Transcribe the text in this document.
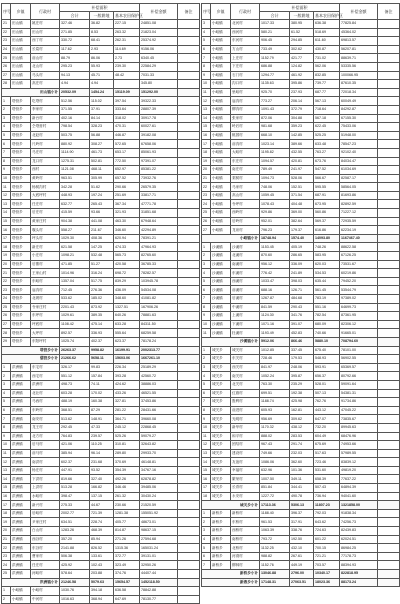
序号	乡镇	行政村	补偿面积			补偿金额	备注
			合计	一般耕地	基本农田保护区		
21	田山镇	姚庄村	327.46	36.82	227.15	24851.08	
22	田山镇	田山村	271.85	8.53	263.32	21823.04	
23	田山镇	西丁村	330.72	68.41	262.31	25374.92	
24	田山镇	长葛村	117.62	2.93	114.69	9156.06	
25	田山镇	前山村	88.79	86.06	2.73	6340.45	
26	田山镇	北山村	295.23	55.93	239.30	22584.29	
27	田山镇	马头村	94.13	45.71	48.42	7031.33	
28	田山镇	高庄村	4.94	4.94		345.80	
田山镇小计			20532.09	1454.24	15119.09	151292.00	
1	塔营乡	圪塔村	512.56	115.02	397.54	39322.33	
2	塔营乡	李家村	371.55	37.91	333.64	28807.39	
3	塔营乡	新台村	402.16	84.14	318.02	30917.78	
4	塔营乡	仝塔营村	798.54	328.23	470.31	60027.61	
5	塔营乡	北赵村	503.75	56.88	446.87	39182.08	
6	塔营乡	尺岭村	880.92	308.27	572.65	67658.06	
7	塔营乡	马庄村	1114.90	461.73	653.17	85061.93	
8	塔营乡	龙口村	1275.31	502.81	772.50	97391.07	
9	塔营乡	西村	1121.08	468.11	652.97	85381.22	
10	塔营乡	黄岭村	963.51	305.99	657.52	73932.76	
11	塔营乡	杨树沟村	342.28	51.62	290.66	26579.35	
12	塔营乡	大底坪村	448.93	197.24	251.69	33817.71	
13	塔营乡	任庄村	632.77	265.43	367.34	47771.78	
14	塔营乡	后庄村	415.59	93.66	321.93	31851.68	
15	塔营乡	黄家庄村	904.38	441.08	463.30	67948.64	
16	塔营乡	堰头村	558.27	211.67	346.60	42294.89	
17	塔营乡	坪头村	1029.30	408.36	620.94	78391.21	
18	塔营乡	新庄村	621.58	147.25	474.33	47964.93	
19	塔营乡	小庄村	1098.21	532.48	565.73	82765.60	
20	塔营乡	后寨村	471.85	51.27	420.58	36785.33	
21	塔营乡	王家山村	1014.96	316.24	698.72	78282.57	
22	塔营乡	东峪村	1357.04	517.75	839.29	103945.78	
23	塔营乡	庙沟村	712.45	276.36	436.09	54534.08	
24	塔营乡	北坡村	533.62	185.02	348.60	41081.82	
25	塔营乡	寺家庄村	2201.43	873.92	1327.51	167906.26	
26	塔营乡	东坪村	1029.61	389.35	640.26	78881.63	
27	塔营乡	坪底村	1108.42	475.14	633.28	84311.50	
28	塔营乡	大坪村	892.57	336.93	555.64	68259.58	
29	塔营乡	东阳坪村	1025.74	402.37	623.37	78178.24	
塔营乡小计			26263.37	9958.82	16199.91	2002313.77	
儒营乡小计			21266.62	5658.11	15603.06	1667261.10	
1	洪洲镇	东宅村	326.17	99.83	226.34	25189.29	
2	洪洲镇	西宅村	551.12	157.84	393.28	42560.72	
3	洪洲镇	洪洲村	498.73	74.11	424.62	38886.03	
4	洪洲镇	北社村	603.28	170.02	433.26	46521.55	
5	洪洲镇	马西村	488.19	160.38	327.81	37453.86	
6	洪洲镇	东岭村	368.51	87.29	281.22	28431.66	
7	洪洲镇	南安村	513.62	148.91	364.71	39660.08	
8	洪洲镇	龙王村	292.45	47.33	245.12	22868.45	
9	洪洲镇	北方村	764.83	239.57	525.26	59079.27	
10	洪洲镇	后马村	421.06	110.25	310.81	32643.82	
11	洪洲镇	前马村	385.94	96.14	289.80	29933.70	
12	洪洲镇	南洪村	602.37	231.68	370.69	46148.81	
13	洪洲镇	杨庄村	447.91	93.52	354.39	34767.16	
14	洪洲镇	下洪村	819.66	327.40	492.26	62878.82	
15	洪洲镇	上洪村	513.28	166.82	346.46	39485.06	
16	洪洲镇	水峪村	398.47	137.15	261.32	30430.24	
17	洪洲镇	新兴村	275.33	44.67	230.66	21520.59	
18	洪洲镇	后峪村	2002.77	721.39	1281.38	155051.92	
19	洪洲镇	尹家庄村	634.51	228.74	405.77	48673.01	
20	洪洲镇	白山村	1283.26	468.39	814.87	98637.15	
21	洪洲镇	西谷村	357.20	85.94	271.26	27594.68	
22	洪洲镇	东谷村	2141.88	826.52	1315.36	165031.24	
23	洪洲镇	曹家村	506.38	133.61	372.77	39131.01	
24	洪洲镇	任庄村	425.92	102.43	323.49	32950.26	
25	洪洲镇	河峪村	578.64	203.88	374.76	44407.44	
洪洲镇小计			21246.58	5079.63	15654.57	1452118.50	
1	小峪镇	小峪村	1030.76	394.18	636.58	78842.88	
2	小峪镇	中河村	1016.63	368.94	647.69	78130.77	
序号	乡镇	行政村	补偿面积			补偿金额	备注
			合计	一般耕地	基本农田保护区		
3	小峪镇	北河村	1017.33	380.95	636.38	77825.84	
4	小峪镇	西河村	580.21	61.52	518.69	45364.02	
5	小峪镇	东河村	906.45	294.85	611.60	69813.57	
6	小峪镇	方山村	733.49	302.62	430.87	56207.81	
7	小峪镇	上庄村	1152.79	421.77	731.02	88639.71	
8	小峪镇	下庄村	686.88	124.82	562.06	53335.56	
9	小峪镇	石门村	1294.77	461.92	832.85	100066.95	
10	小峪镇	沟口村	1135.63	395.86	739.77	87610.35	
11	小峪镇	里峪村	925.70	237.93	687.77	72018.34	
12	小峪镇	庙沟村	773.27	206.14	567.13	60049.49	
13	小峪镇	柳沟村	1091.43	372.79	718.64	84292.87	
14	小峪镇	张家村	872.06	304.88	567.18	67155.30	
15	小峪镇	岭后村	981.68	359.23	622.45	75433.06	
16	小峪镇	桃园村	668.10	142.85	525.25	51948.00	
17	小峪镇	前沟村	1023.14	389.66	633.48	78547.23	
18	小峪镇	大峪村	1195.82	432.55	763.27	92102.40	
19	小峪镇	东庄村	1094.57	420.81	673.76	84034.47	
20	小峪镇	南庄村	789.49	241.97	547.52	61034.69	
21	小峪镇	梨树村	1094.73	528.06	566.67	82587.17	
22	小峪镇	马家村	748.06	152.51	595.55	58564.05	
23	小峪镇	高山村	1059.45	371.54	687.91	81693.86	
24	小峪镇	寺坪村	1078.43	404.48	673.95	82892.59	
25	小峪镇	西岭村	929.86	369.00	560.86	71227.12	
26	小峪镇	后岭村	952.01	382.64	569.37	72935.59	
27	小峪镇	龙泉村	796.23	179.37	616.86	62234.19	
小峪镇小计			18748.94	1574.40	14093.80	1167467.40	
1	沙溪镇	沙溪村	1153.45	405.19	748.26	88622.58	
2	沙溪镇	北溪村	870.60	286.65	583.95	67126.25	
3	沙溪镇	南溪村	956.12	336.09	620.03	73531.67	
4	沙溪镇	东溪村	776.42	241.89	534.53	60219.86	
5	沙溪镇	西溪村	1033.47	398.03	635.44	79452.20	
6	沙溪镇	前溪村	688.16	126.71	561.45	53544.79	
7	沙溪镇	后溪村	1267.87	484.68	783.19	97389.02	
8	沙溪镇	中溪村	841.59	290.43	551.16	64699.73	
9	沙溪镇	上溪村	1124.30	341.76	782.54	87361.95	
10	沙溪镇	下溪村	1071.16	391.07	680.09	82306.12	
11	沙溪镇	杜溪村	1193.49	452.83	740.66	91665.01	
沙溪镇小计			5912.06	866.46	5880.10	708794.60	
1	城关乡	城关村	1012.85	337.45	675.40	78101.00	
2	城关乡	东关村	728.46	179.53	548.93	56902.55	
3	城关乡	西关村	841.97	248.06	593.91	65369.57	
4	城关乡	南关村	1052.24	395.87	656.37	80792.66	
5	城关乡	北关村	763.30	235.29	528.01	59091.64	
6	城关乡	红旗村	699.51	192.38	507.13	54381.31	
7	城关乡	胜利村	1188.74	425.98	762.76	91734.86	
8	城关乡	前进村	605.93	162.81	443.12	47045.22	
9	城关乡	光明村	956.69	309.62	647.07	73835.67	
10	城关乡	新华村	1170.32	438.12	732.20	89945.63	
11	城关乡	和平村	888.02	283.53	604.49	68476.96	
12	城关乡	团结村	967.43	291.74	675.69	74953.66	
13	城关乡	建设村	749.66	232.03	517.63	57989.55	
14	城关乡	友谊村	1086.06	362.60	723.46	83839.12	
15	城关乡	幸福村	632.96	101.36	531.60	49819.20	
16	城关乡	繁荣村	1007.50	349.11	658.39	77637.22	
17	城关乡	长青村	851.84	344.41	507.43	64894.39	
18	城关乡	永安村	1227.72	490.78	736.94	94041.60	
城关乡小计			17113.36	5306.13	11807.23	1321858.00	
1	新桥乡	新桥村	1188.40	396.37	792.03	91838.34	
2	新桥乡	东桥村	961.53	317.91	643.62	74256.73	
3	新桥乡	西桥村	1063.39	338.76	724.63	82439.83	
4	新桥乡	南桥村	793.72	192.50	601.22	62024.51	
5	新桥乡	北桥村	1132.25	432.10	700.15	86984.25	
6	新桥乡	河湾村	988.82	267.61	721.21	77178.73	
7	新桥乡	柳林村	1152.76	449.19	703.57	88394.93	
新桥乡小计			13046.88	2796.00	10340.17	822818.95	
新燕乡小计			17148.31	27063.51	18023.36	88173.24	
